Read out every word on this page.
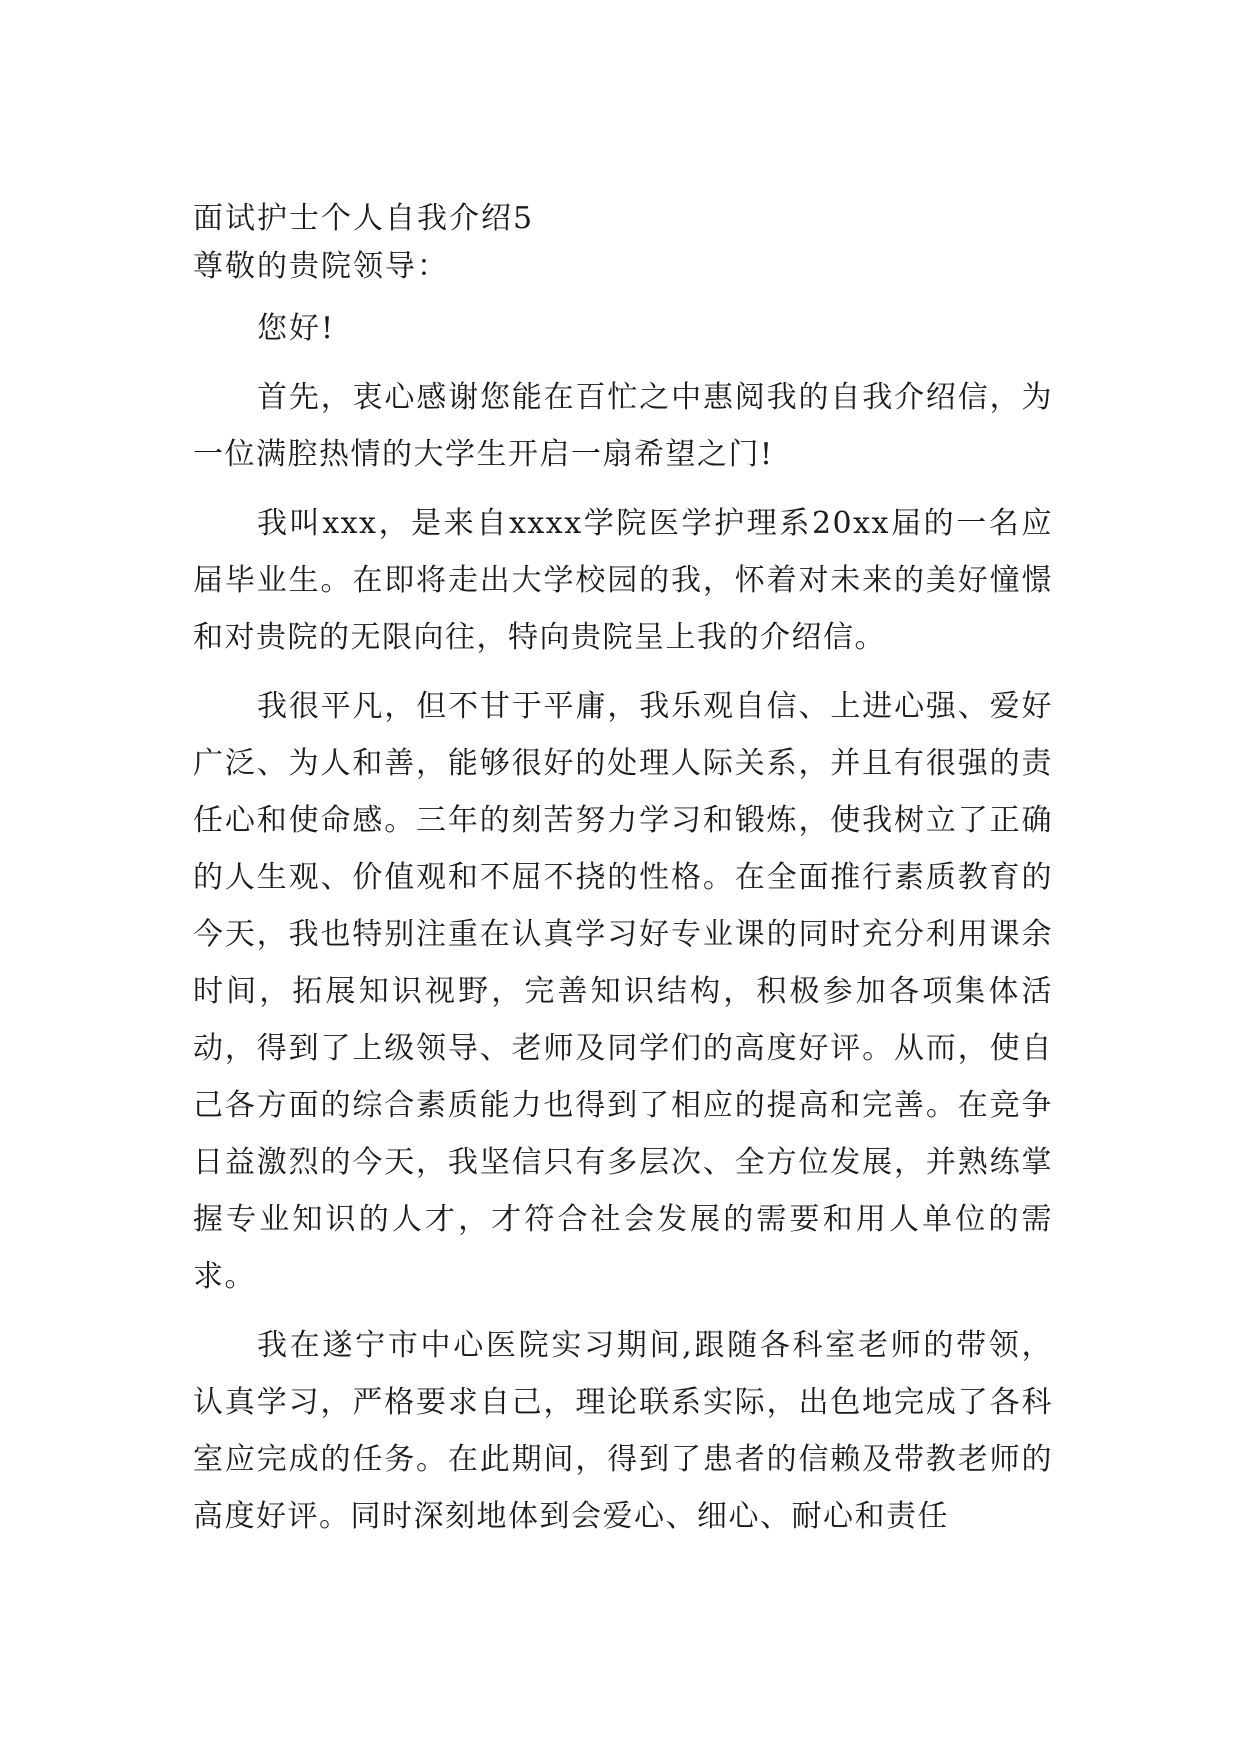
面试护士个人自我介绍5

尊敬的贵院领导：

您好!

首先，衷心感谢您能在百忙之中惠阅我的自我介绍信，为一位满腔热情的大学生开启一扇希望之门!

我叫xxx，是来自xxxx学院医学护理系20xx届的一名应届毕业生。在即将走出大学校园的我，怀着对未来的美好憧憬和对贵院的无限向往，特向贵院呈上我的介绍信。

我很平凡，但不甘于平庸，我乐观自信、上进心强、爱好广泛、为人和善，能够很好的处理人际关系，并且有很强的责任心和使命感。三年的刻苦努力学习和锻炼，使我树立了正确的人生观、价值观和不屈不挠的性格。在全面推行素质教育的今天，我也特别注重在认真学习好专业课的同时充分利用课余时间，拓展知识视野，完善知识结构，积极参加各项集体活动，得到了上级领导、老师及同学们的高度好评。从而，使自己各方面的综合素质能力也得到了相应的提高和完善。在竞争日益激烈的今天，我坚信只有多层次、全方位发展，并熟练掌握专业知识的人才，才符合社会发展的需要和用人单位的需求。

我在遂宁市中心医院实习期间,跟随各科室老师的带领，认真学习，严格要求自己，理论联系实际，出色地完成了各科室应完成的任务。在此期间，得到了患者的信赖及带教老师的高度好评。同时深刻地体到会爱心、细心、耐心和责任
